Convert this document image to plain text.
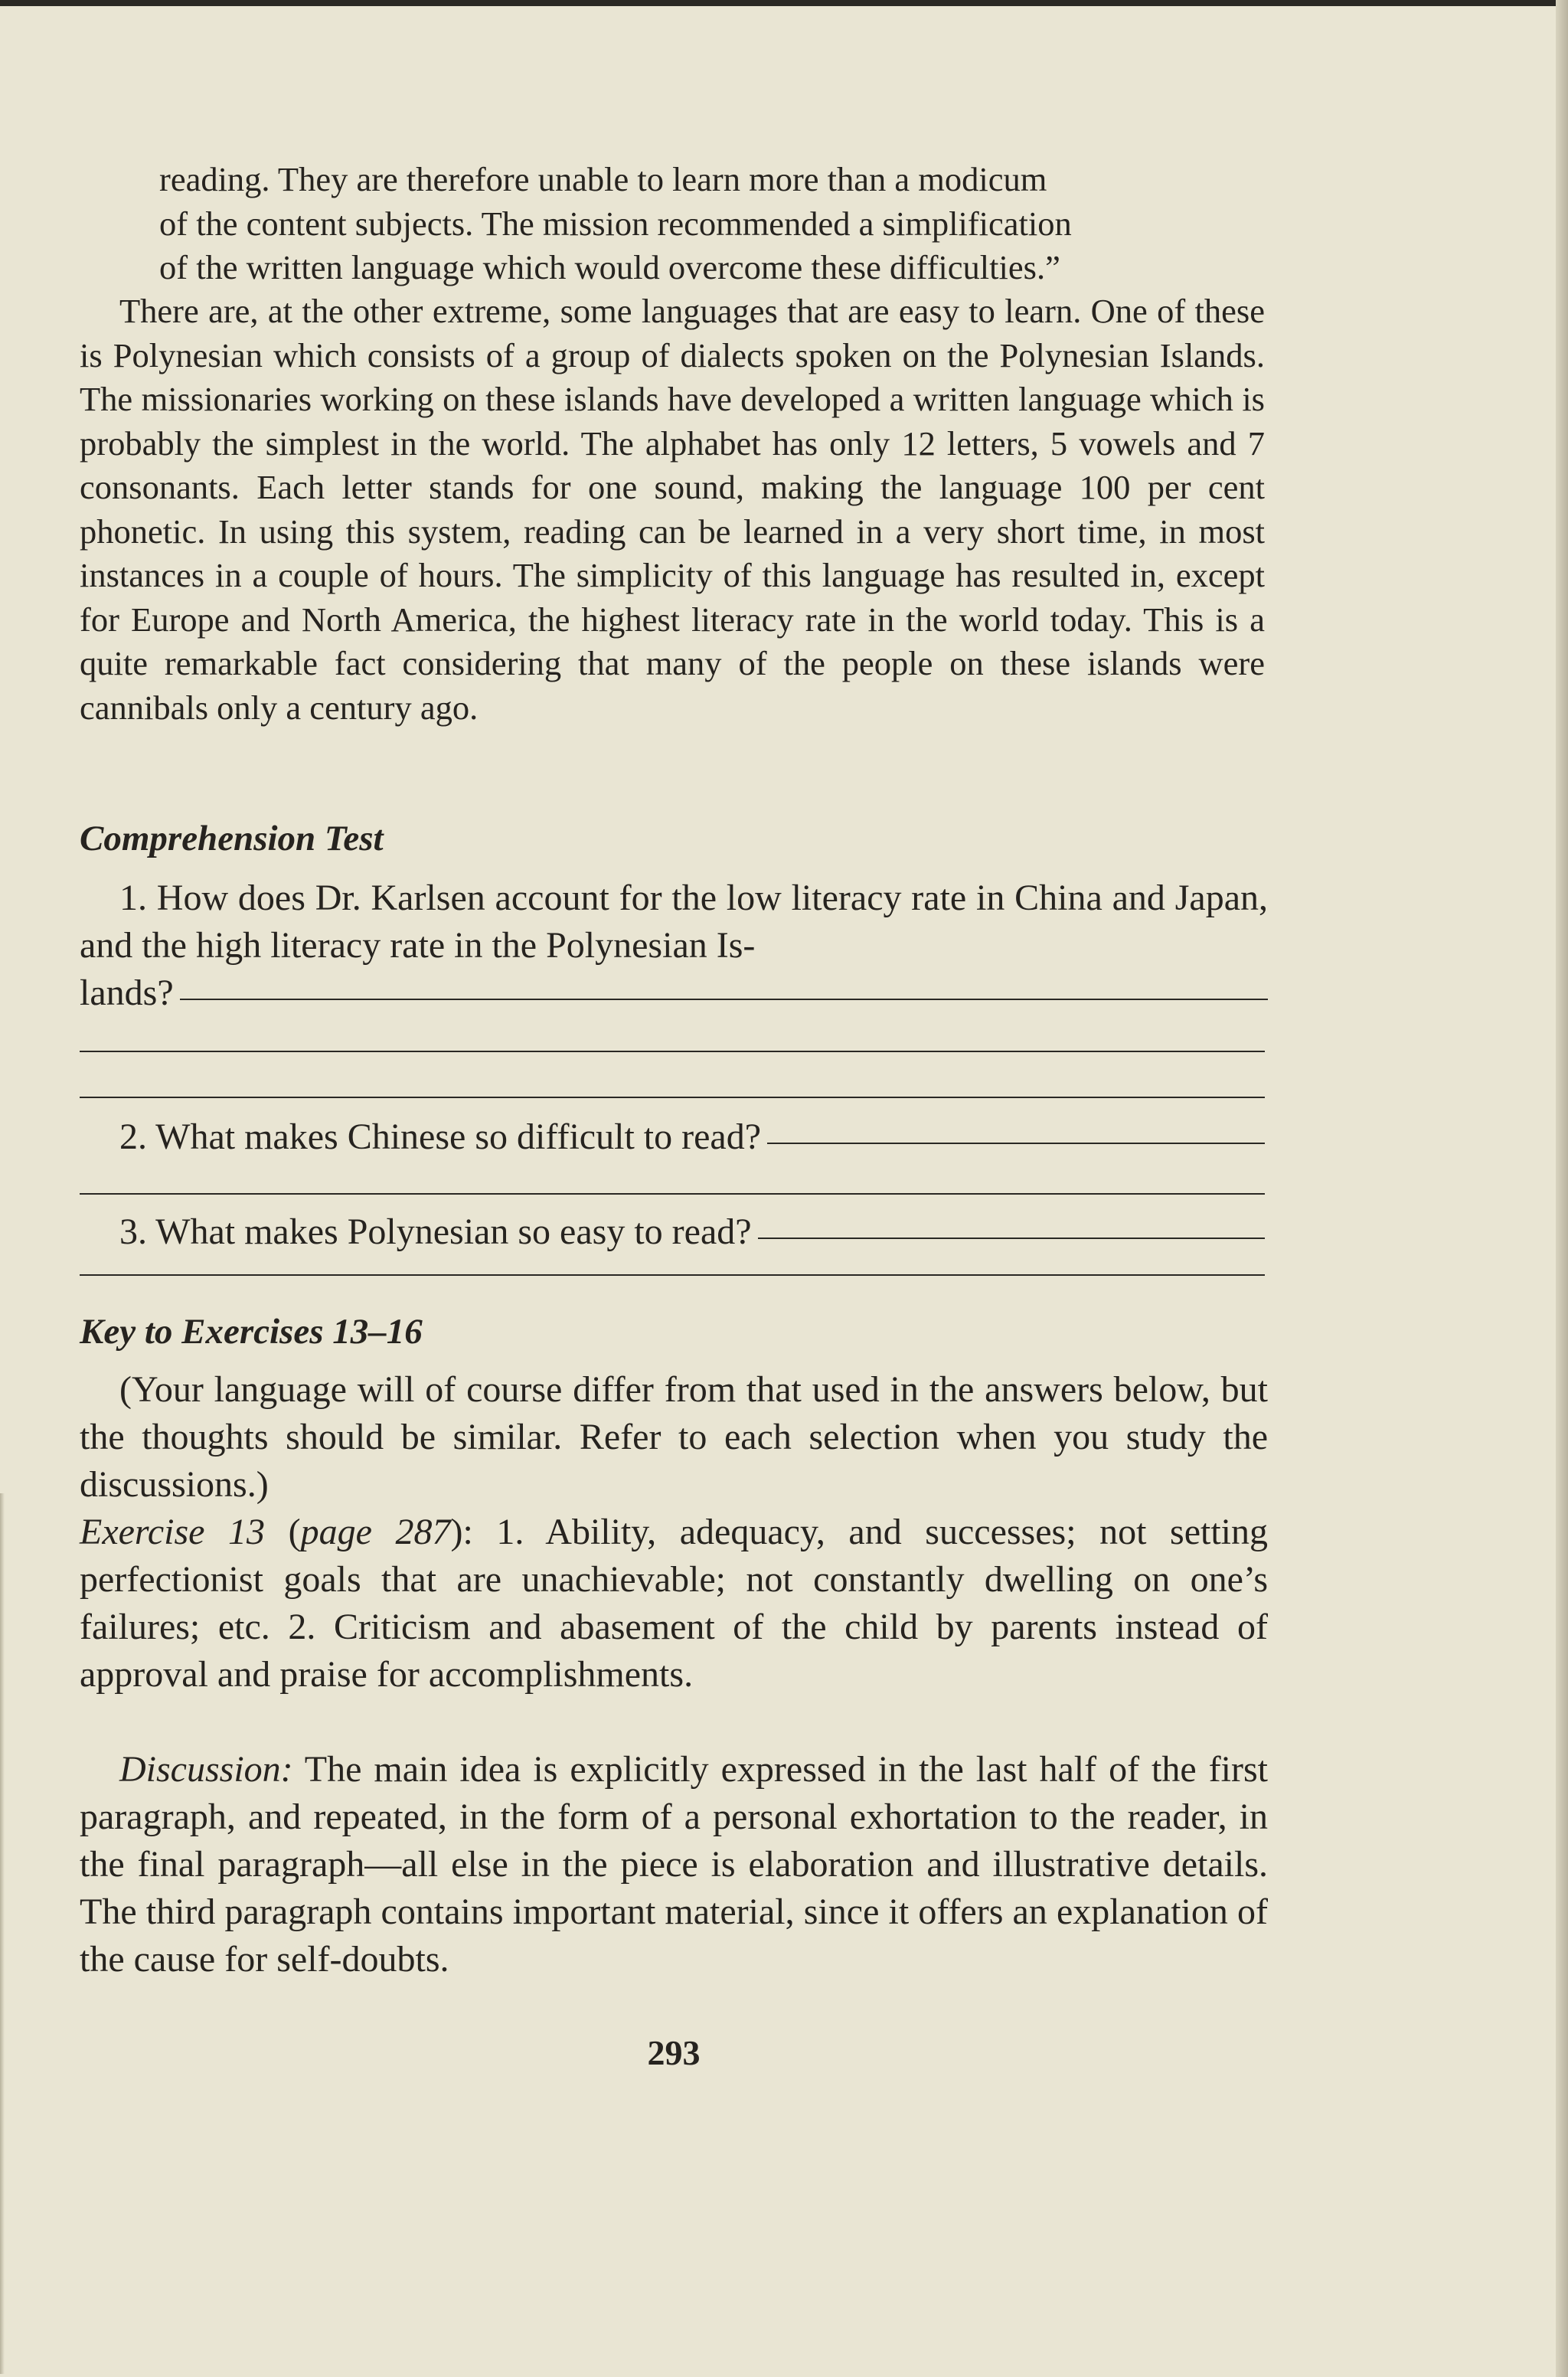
reading. They are therefore unable to learn more than a modicum
of the content subjects. The mission recommended a simplification
of the written language which would overcome these difficulties.”

There are, at the other extreme, some languages that are easy to learn. One of these is Polynesian which consists of a group of dialects spoken on the Polynesian Islands. The missionaries working on these islands have developed a written language which is probably the simplest in the world. The alphabet has only 12 letters, 5 vowels and 7 consonants. Each letter stands for one sound, making the language 100 per cent phonetic. In using this system, reading can be learned in a very short time, in most instances in a couple of hours. The simplicity of this language has resulted in, except for Europe and North America, the highest literacy rate in the world today. This is a quite remarkable fact considering that many of the people on these islands were cannibals only a century ago.

Comprehension Test
1. How does Dr. Karlsen account for the low literacy rate in China and Japan, and the high literacy rate in the Polynesian Is-
lands?
2. What makes Chinese so difficult to read?
3. What makes Polynesian so easy to read?
Key to Exercises 13–16
(Your language will of course differ from that used in the answers below, but the thoughts should be similar. Refer to each selection when you study the discussions.)
Exercise 13 (page 287): 1. Ability, adequacy, and successes; not setting perfectionist goals that are unachievable; not constantly dwelling on one’s failures; etc. 2. Criticism and abasement of the child by parents instead of approval and praise for accomplishments.
Discussion: The main idea is explicitly expressed in the last half of the first paragraph, and repeated, in the form of a personal exhortation to the reader, in the final paragraph—all else in the piece is elaboration and illustrative details. The third paragraph contains important material, since it offers an explanation of the cause for self-doubts.
293
